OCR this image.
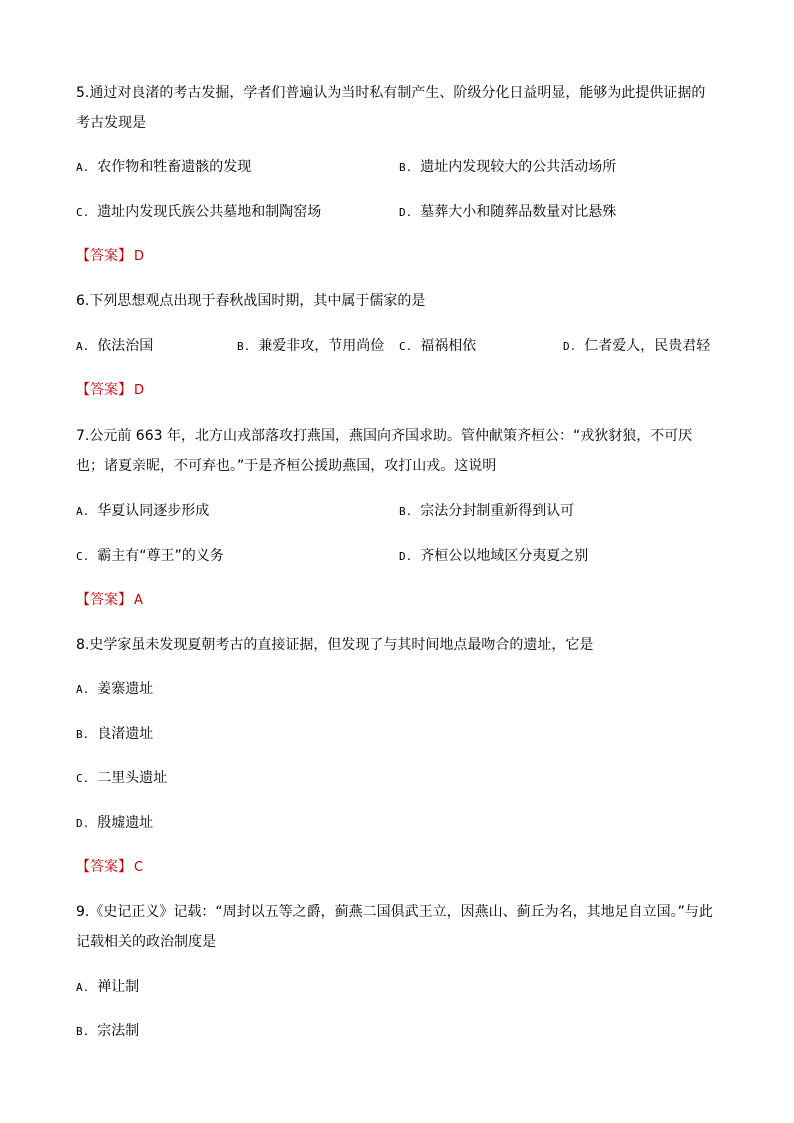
5.通过对良渚的考古发掘，学者们普遍认为当时私有制产生、阶级分化日益明显，能够为此提供证据的考古发现是
A. 农作物和牲畜遗骸的发现	B. 遗址内发现较大的公共活动场所
C. 遗址内发现氏族公共墓地和制陶窑场	D. 墓葬大小和随葬品数量对比悬殊
【答案】 D
6.下列思想观点出现于春秋战国时期，其中属于儒家的是
A. 依法治国	B. 兼爱非攻，节用尚俭 C. 福祸相依	D. 仁者爱人，民贵君轻
【答案】 D
7.公元前 663 年，北方山戎部落攻打燕国，燕国向齐国求助。管仲献策齐桓公：“戎狄豺狼，不可厌也；诸夏亲昵，不可弃也。”于是齐桓公援助燕国，攻打山戎。这说明
A. 华夏认同逐步形成	B. 宗法分封制重新得到认可
C. 霸主有“尊王”的义务	D. 齐桓公以地域区分夷夏之别
【答案】 A
8.史学家虽未发现夏朝考古的直接证据，但发现了与其时间地点最吻合的遗址，它是
A. 姜寨遗址
B. 良渚遗址
C. 二里头遗址
D. 殷墟遗址
【答案】 C
9.《史记正义》记载：“周封以五等之爵，蓟燕二国俱武王立，因燕山、蓟丘为名，其地足自立国。”与此记载相关的政治制度是
A. 禅让制
B. 宗法制
